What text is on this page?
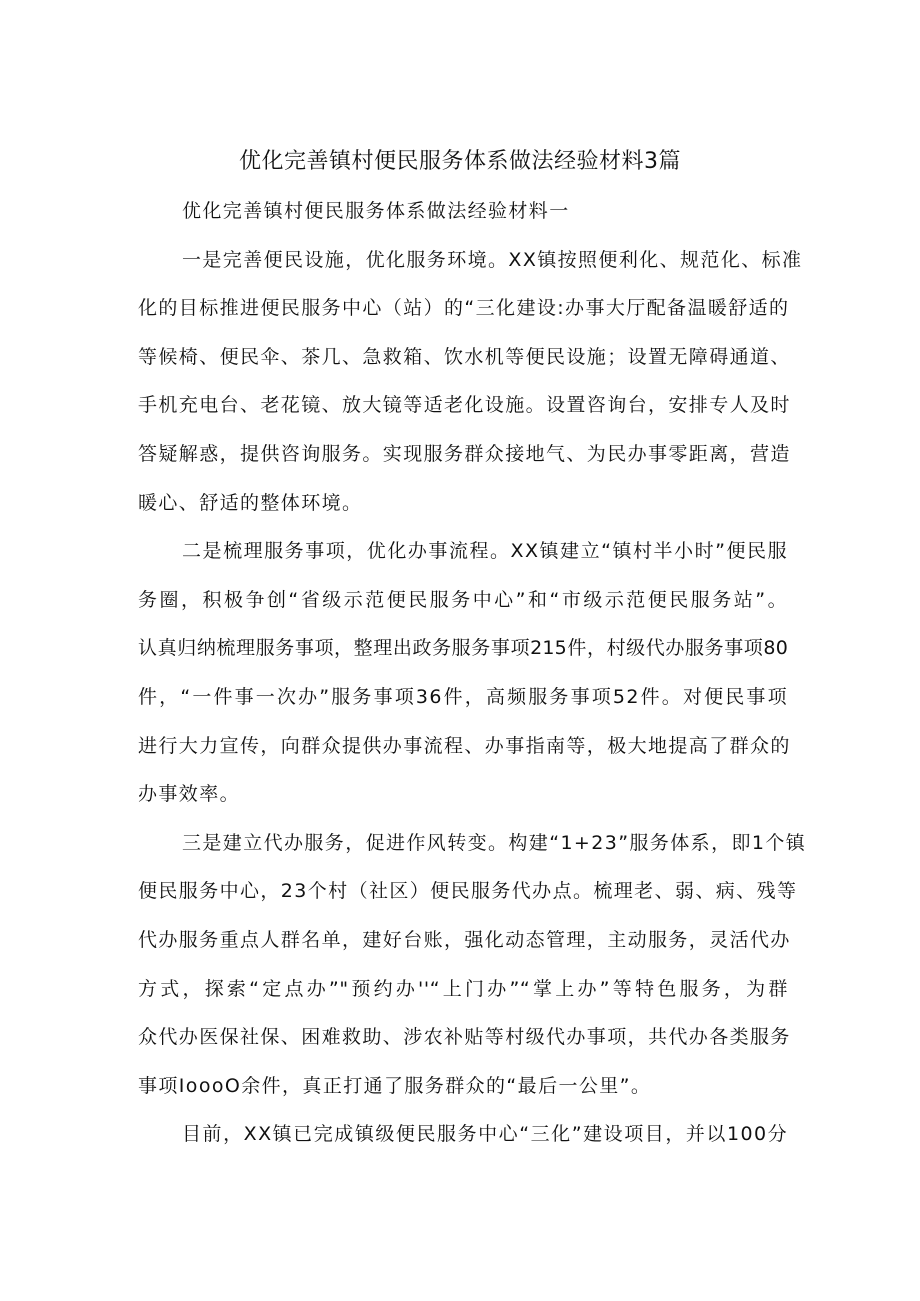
优化完善镇村便民服务体系做法经验材料3篇
优化完善镇村便民服务体系做法经验材料一
一是完善便民设施，优化服务环境。XX镇按照便利化、规范化、标准
化的目标推进便民服务中心（站）的“三化建设:办事大厅配备温暖舒适的
等候椅、便民伞、茶几、急救箱、饮水机等便民设施；设置无障碍通道、
手机充电台、老花镜、放大镜等适老化设施。设置咨询台，安排专人及时
答疑解惑，提供咨询服务。实现服务群众接地气、为民办事零距离，营造
暖心、舒适的整体环境。
二是梳理服务事项，优化办事流程。XX镇建立“镇村半小时”便民服
务圈，积极争创“省级示范便民服务中心”和“市级示范便民服务站”。
认真归纳梳理服务事项，整理出政务服务事项215件，村级代办服务事项80
件，“一件事一次办”服务事项36件，高频服务事项52件。对便民事项
进行大力宣传，向群众提供办事流程、办事指南等，极大地提高了群众的
办事效率。
三是建立代办服务，促进作风转变。构建“1+23”服务体系，即1个镇
便民服务中心，23个村（社区）便民服务代办点。梳理老、弱、病、残等
代办服务重点人群名单，建好台账，强化动态管理，主动服务，灵活代办
方式，探索“定点办”"预约办''“上门办”“掌上办”等特色服务，为群
众代办医保社保、困难救助、涉农补贴等村级代办事项，共代办各类服务
事项IoooO余件，真正打通了服务群众的“最后一公里”。
目前，XX镇已完成镇级便民服务中心“三化”建设项目，并以100分
